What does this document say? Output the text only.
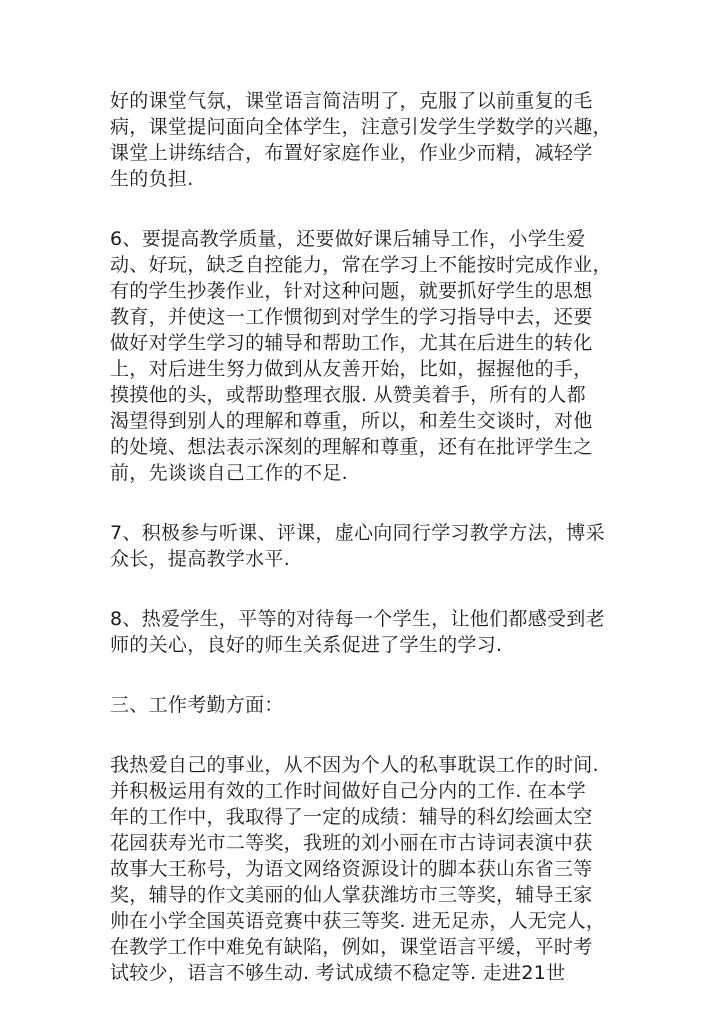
好的课堂气氛，课堂语言简洁明了，克服了以前重复的毛
病，课堂提问面向全体学生，注意引发学生学数学的兴趣，
课堂上讲练结合，布置好家庭作业，作业少而精，减轻学
生的负担.
6、要提高教学质量，还要做好课后辅导工作，小学生爱
动、好玩，缺乏自控能力，常在学习上不能按时完成作业，
有的学生抄袭作业，针对这种问题，就要抓好学生的思想
教育，并使这一工作惯彻到对学生的学习指导中去，还要
做好对学生学习的辅导和帮助工作，尤其在后进生的转化
上，对后进生努力做到从友善开始，比如，握握他的手，
摸摸他的头，或帮助整理衣服. 从赞美着手，所有的人都
渴望得到别人的理解和尊重，所以，和差生交谈时，对他
的处境、想法表示深刻的理解和尊重，还有在批评学生之
前，先谈谈自己工作的不足.
7、积极参与听课、评课，虚心向同行学习教学方法，博采
众长，提高教学水平.
8、热爱学生，平等的对待每一个学生，让他们都感受到老
师的关心，良好的师生关系促进了学生的学习.
三、工作考勤方面：
我热爱自己的事业，从不因为个人的私事耽误工作的时间.
并积极运用有效的工作时间做好自己分内的工作. 在本学
年的工作中，我取得了一定的成绩：辅导的科幻绘画太空
花园获寿光市二等奖，我班的刘小丽在市古诗词表演中获
故事大王称号，为语文网络资源设计的脚本获山东省三等
奖，辅导的作文美丽的仙人掌获潍坊市三等奖，辅导王家
帅在小学全国英语竞赛中获三等奖. 进无足赤，人无完人，
在教学工作中难免有缺陷，例如，课堂语言平缓，平时考
试较少，语言不够生动. 考试成绩不稳定等. 走进21世
